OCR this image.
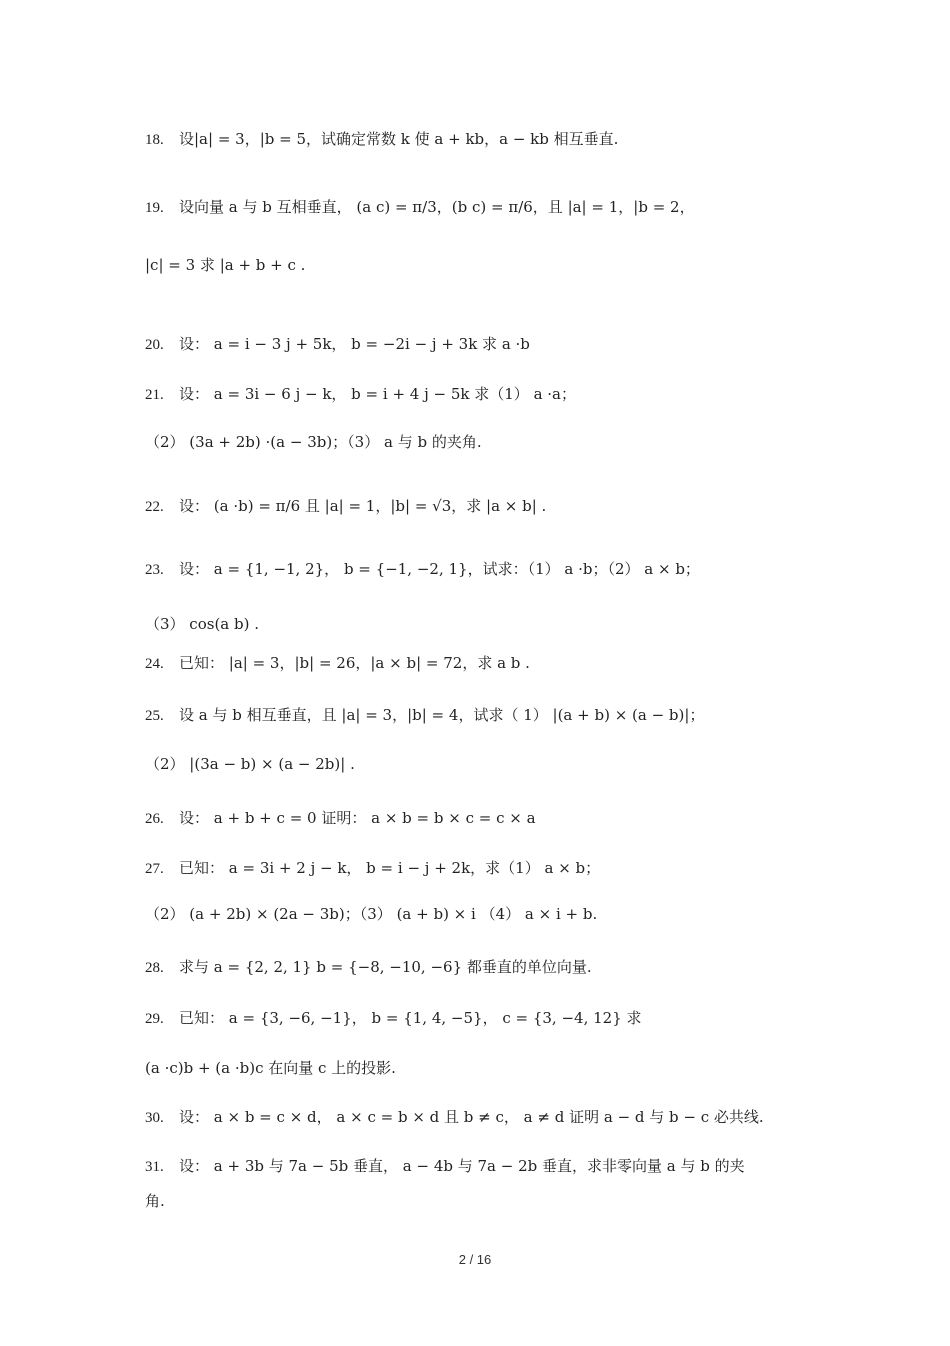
18. 设|a| = 3，|b = 5，试确定常数 k 使 a + kb，a − kb 相互垂直.
19. 设向量 a 与 b 互相垂直， (a c) = π/3，(b c) = π/6，且 |a| = 1，|b = 2，
|c| = 3 求 |a + b + c .
20. 设： a = i − 3 j + 5k， b = −2i − j + 3k 求 a ·b
21. 设： a = 3i − 6 j − k， b = i + 4 j − 5k 求（1） a ·a；
（2） (3a + 2b) ·(a − 3b)；（3） a 与 b 的夹角.
22. 设： (a ·b) = π/6 且 |a| = 1，|b| = √3，求 |a × b| .
23. 设： a = {1, −1, 2}， b = {−1, −2, 1}，试求：（1） a ·b；（2） a × b；
（3） cos(a b) .
24. 已知： |a| = 3，|b| = 26，|a × b| = 72，求 a b .
25. 设 a 与 b 相互垂直，且 |a| = 3，|b| = 4，试求（ 1） |(a + b) × (a − b)|；
（2） |(3a − b) × (a − 2b)| .
26. 设： a + b + c = 0 证明： a × b = b × c = c × a
27. 已知： a = 3i + 2 j − k， b = i − j + 2k，求（1） a × b；
（2） (a + 2b) × (2a − 3b)；（3） (a + b) × i （4） a × i + b.
28. 求与 a = {2, 2, 1} b = {−8, −10, −6} 都垂直的单位向量.
29. 已知： a = {3, −6, −1}， b = {1, 4, −5}， c = {3, −4, 12} 求
(a ·c)b + (a ·b)c 在向量 c 上的投影.
30. 设： a × b = c × d， a × c = b × d 且 b ≠ c， a ≠ d 证明 a − d 与 b − c 必共线.
31. 设： a + 3b 与 7a − 5b 垂直， a − 4b 与 7a − 2b 垂直，求非零向量 a 与 b 的夹
角.
2 / 16
